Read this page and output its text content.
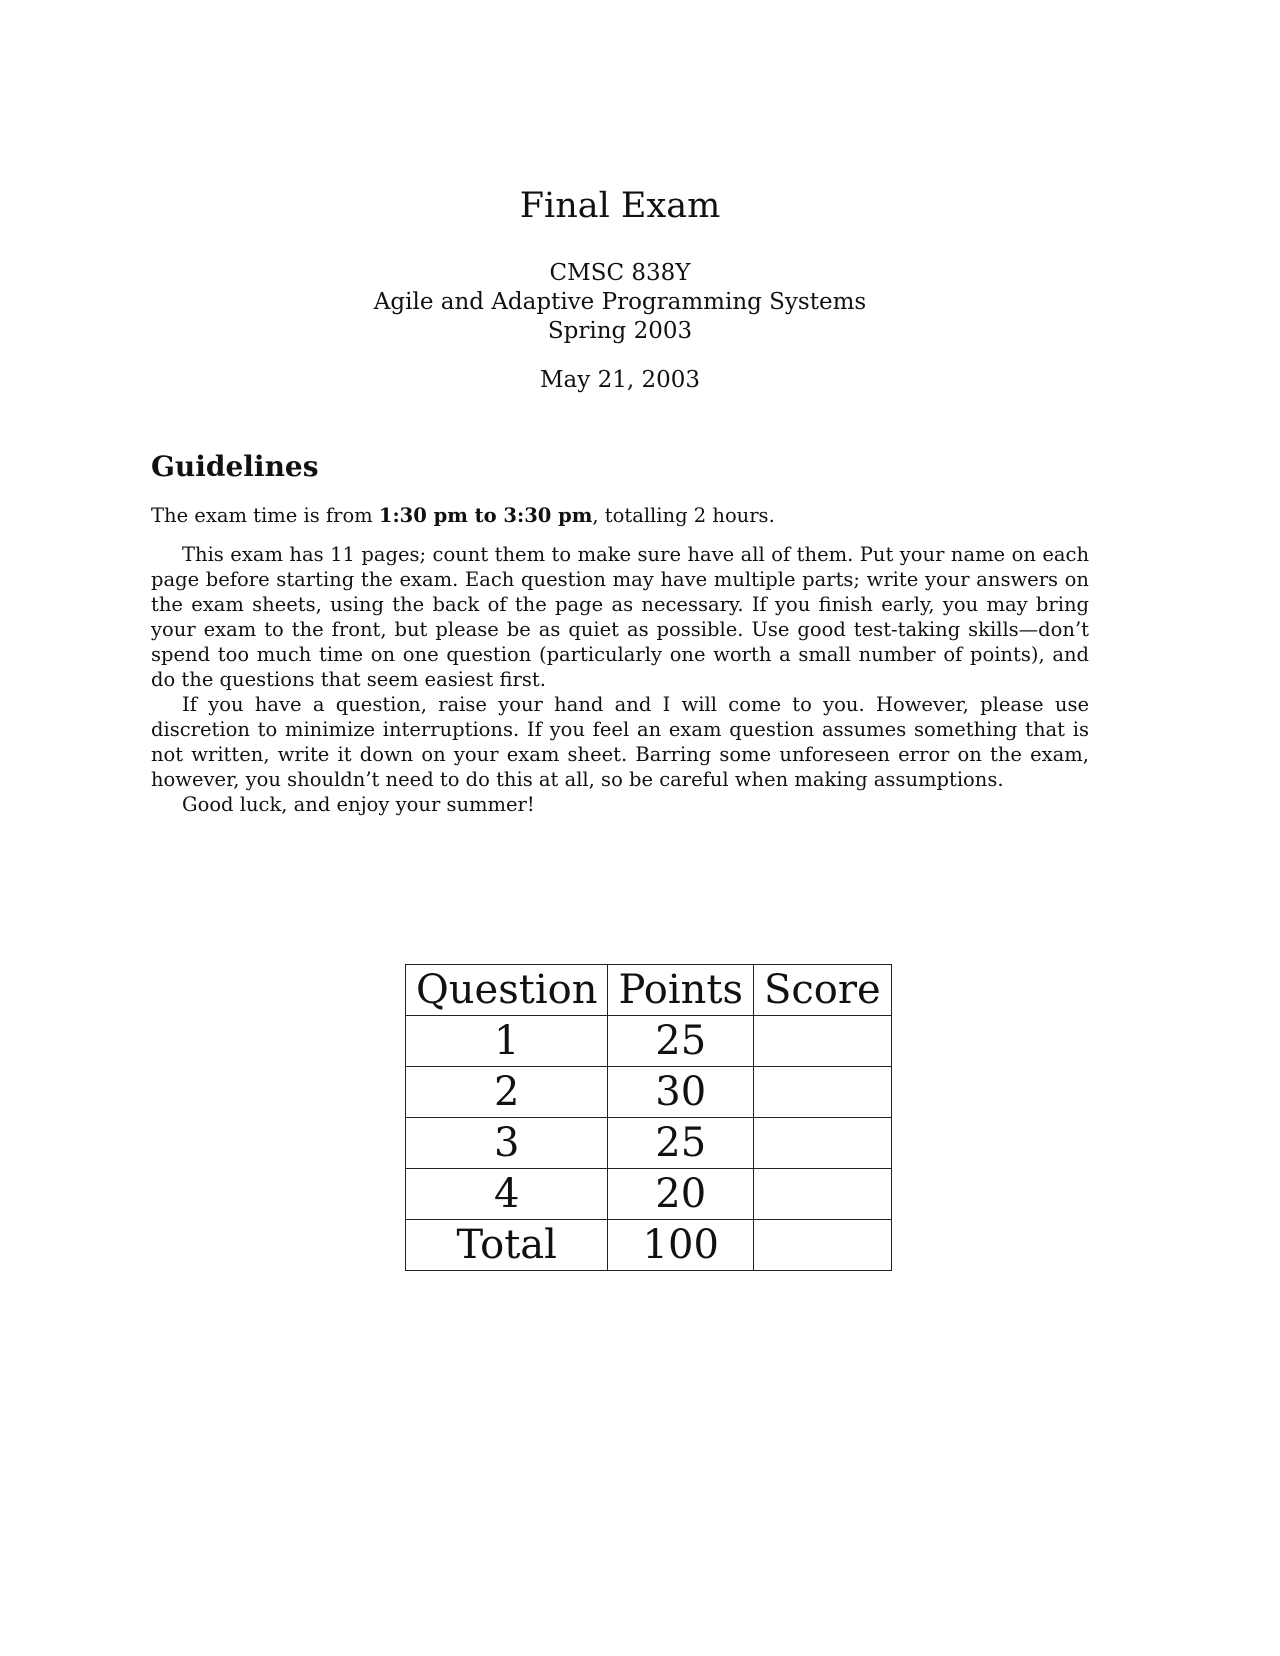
Final Exam
CMSC 838Y
Agile and Adaptive Programming Systems
Spring 2003
May 21, 2003
Guidelines
The exam time is from 1:30 pm to 3:30 pm, totalling 2 hours.

This exam has 11 pages; count them to make sure have all of them. Put your name on each page before starting the exam. Each question may have multiple parts; write your answers on the exam sheets, using the back of the page as necessary. If you finish early, you may bring your exam to the front, but please be as quiet as possible. Use good test-taking skills—don’t spend too much time on one question (particularly one worth a small number of points), and do the questions that seem easiest first.

If you have a question, raise your hand and I will come to you. However, please use discretion to minimize interruptions. If you feel an exam question assumes something that is not written, write it down on your exam sheet. Barring some unforeseen error on the exam, however, you shouldn’t need to do this at all, so be careful when making assumptions.

Good luck, and enjoy your summer!

Question	Points	Score
1	25	
2	30	
3	25	
4	20	
Total	100	
